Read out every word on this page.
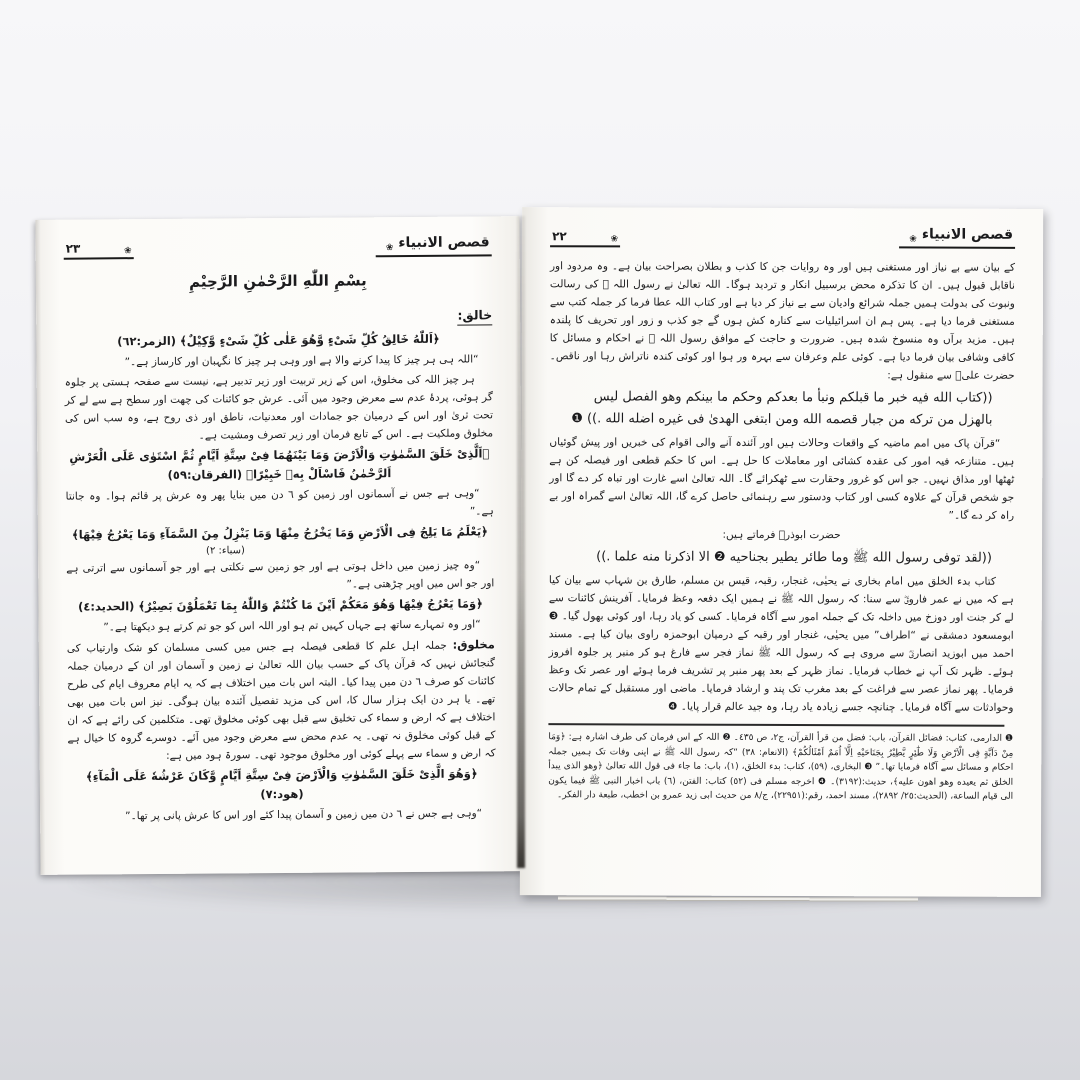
قصص الانبیاء
❀
۲۳	❀
بِسْمِ اللّٰهِ الرَّحْمٰنِ الرَّحِیْمِ
خالق:
﴿اَللّٰهُ خَالِقُ کُلِّ شَیْءٍ وَّهُوَ عَلٰی کُلِّ شَیْءٍ وَّکِیْلٌ﴾ (الزمر:٦٢)
“اللہ ہی ہر چیز کا پیدا کرنے والا ہے اور وہی ہر چیز کا نگہبان اور کارساز ہے۔”
ہر چیز اللہ کی مخلوق، اس کے زیر تربیت اور زیر تدبیر ہے، نیست سے صفحہ ہستی پر جلوہ گر ہوئی، پردۂ عدم سے معرض وجود میں آئی۔ عرش جو کائنات کی چھت اور سطح ہے سے لے کر تحت ثریٰ اور اس کے درمیان جو جمادات اور معدنیات، ناطق اور ذی روح ہے، وہ سب اس کی مخلوق وملکیت ہے۔ اس کے تابع فرمان اور زیر تصرف ومشیت ہے۔
﴿اَلَّذِیْ خَلَقَ السَّمٰوٰتِ وَالْاَرْضَ وَمَا بَیْنَهُمَا فِیْ سِتَّةِ اَیَّامٍ ثُمَّ اسْتَوٰی عَلَی الْعَرْشِ اَلرَّحْمٰنُ فَاسْاَلْ بِهٖ خَبِیْرًا﴾ (الفرقان:٥٩)
“وہی ہے جس نے آسمانوں اور زمین کو ٦ دن میں بنایا پھر وہ عرش پر قائم ہوا۔ وہ جانتا ہے۔”
﴿یَعْلَمُ مَا یَلِجُ فِی الْاَرْضِ وَمَا یَخْرُجُ مِنْهَا وَمَا یَنْزِلُ مِنَ السَّمَآءِ وَمَا یَعْرُجُ فِیْهَا﴾
(سباء: ٢)
“وہ چیز زمین میں داخل ہوتی ہے اور جو زمین سے نکلتی ہے اور جو آسمانوں سے اترتی ہے اور جو اس میں اوپر چڑھتی ہے۔”
﴿وَمَا یَعْرُجُ فِیْهَا وَهُوَ مَعَکُمْ اَیْنَ مَا کُنْتُمْ وَاللّٰهُ بِمَا تَعْمَلُوْنَ بَصِیْرٌ﴾ (الحدید:٤)
“اور وہ تمہارے ساتھ ہے جہاں کہیں تم ہو اور اللہ اس کو جو تم کرتے ہو دیکھتا ہے۔”
مخلوق: جملہ اہل علم کا قطعی فیصلہ ہے جس میں کسی مسلمان کو شک وارتیاب کی گنجائش نہیں کہ قرآن پاک کے حسب بیان اللہ تعالیٰ نے زمین و آسمان اور ان کے درمیان جملہ کائنات کو صرف ٦ دن میں پیدا کیا۔ البتہ اس بات میں اختلاف ہے کہ یہ ایام معروف ایام کی طرح تھے۔ یا ہر دن ایک ہزار سال کا، اس کی مزید تفصیل آئندہ بیان ہوگی۔ نیز اس بات میں بھی اختلاف ہے کہ ارض و سماء کی تخلیق سے قبل بھی کوئی مخلوق تھی۔ متکلمین کی رائے ہے کہ ان کے قبل کوئی مخلوق نہ تھی۔ یہ عدم محض سے معرض وجود میں آئے۔ دوسرے گروہ کا خیال ہے کہ ارض و سماء سے پہلے کوئی اور مخلوق موجود تھی۔ سورۃ ہود میں ہے:
﴿وَهُوَ الَّذِیْ خَلَقَ السَّمٰوٰتِ وَالْاَرْضَ فِیْ سِتَّةِ اَیَّامٍ وَّکَانَ عَرْشُهٗ عَلَی الْمَآءِ﴾ (هود:٧)
“وہی ہے جس نے ٦ دن میں زمین و آسمان پیدا کئے اور اس کا عرش پانی پر تھا۔”
قصص الانبیاء
❀
۲۲	❀
کے بیان سے بے نیاز اور مستغنی ہیں اور وہ روایات جن کا کذب و بطلان بصراحت بیان ہے۔ وہ مردود اور ناقابل قبول ہیں۔ ان کا تذکرہ محض برسبیل انکار و تردید ہوگا۔ اللہ تعالیٰ نے رسول اللہ ﷺ کی رسالت ونبوت کی بدولت ہمیں جملہ شرائع وادیان سے بے نیاز کر دیا ہے اور کتاب اللہ عطا فرما کر جملہ کتب سے مستغنی فرما دیا ہے۔ پس ہم ان اسرائیلیات سے کنارہ کش ہوں گے جو کذب و زور اور تحریف کا پلندہ ہیں۔ مزید برآں وہ منسوخ شدہ ہیں۔ ضرورت و حاجت کے موافق رسول اللہ ﷺ نے احکام و مسائل کا کافی وشافی بیان فرما دیا ہے۔ کوئی علم وعرفان سے بہرہ ور ہوا اور کوئی کندہ ناتراش رہا اور ناقص۔ حضرت علیؓ سے منقول ہے:
((کتاب الله فیه خبر ما قبلکم ونبأ ما بعدکم وحکم ما بینکم وهو الفصل لیس بالهزل من ترکه من جبار قصمه الله ومن ابتغی الهدیٰ فی غیره اضله الله .)) ❶
“قرآن پاک میں امم ماضیہ کے واقعات وحالات ہیں اور آئندہ آنے والی اقوام کی خبریں اور پیش گوئیاں ہیں۔ متنازعہ فیہ امور کی عقدہ کشائی اور معاملات کا حل ہے۔ اس کا حکم قطعی اور فیصلہ کن ہے ٹھٹھا اور مذاق نہیں۔ جو اس کو غرور وحقارت سے ٹھکرائے گا۔ اللہ تعالیٰ اسے غارت اور تباہ کر دے گا اور جو شخص قرآن کے علاوہ کسی اور کتاب ودستور سے رہنمائی حاصل کرے گا، اللہ تعالیٰ اسے گمراہ اور بے راہ کر دے گا۔”
حضرت ابوذرؓ فرماتے ہیں:
((لقد توفی رسول الله ﷺ وما طائر یطیر بجناحیه ❷ الا اذکرنا منه علما .))
کتاب بدء الخلق میں امام بخاری نے یحیٰی، غنجار، رقبہ، قیس بن مسلم، طارق بن شہاب سے بیان کیا ہے کہ میں نے عمر فاروقؓ سے سنا: کہ رسول اللہ ﷺ نے ہمیں ایک دفعہ وعظ فرمایا۔ آفرینش کائنات سے لے کر جنت اور دوزخ میں داخلہ تک کے جملہ امور سے آگاہ فرمایا۔ کسی کو یاد رہا، اور کوئی بھول گیا۔ ❸ ابومسعود دمشقی نے “اطراف” میں یحیٰی، غنجار اور رقبہ کے درمیان ابوحمزہ راوی بیان کیا ہے۔ مسند احمد میں ابوزید انصاریؓ سے مروی ہے کہ رسول اللہ ﷺ نماز فجر سے فارغ ہو کر منبر پر جلوہ افروز ہوئے۔ ظہر تک آپ نے خطاب فرمایا۔ نماز ظہر کے بعد پھر منبر پر تشریف فرما ہوئے اور عصر تک وعظ فرمایا۔ پھر نماز عصر سے فراغت کے بعد مغرب تک پند و ارشاد فرمایا۔ ماضی اور مستقبل کے تمام حالات وحوادثات سے آگاہ فرمایا۔ چنانچہ جسے زیادہ یاد رہا، وہ جید عالم قرار پایا۔ ❹
❶ الدارمی، کتاب: فضائل القرآن، باب: فضل من قرأ القرآن، ج۲، ص ٤٣٥۔ ❷ اللہ کے اس فرمان کی طرف اشارہ ہے: ﴿وَمَا مِنْ دَآبَّةٍ فِی الْاَرْضِ وَلَا طٰٓئِرٍ یَّطِیْرُ بِجَنَاحَیْهِ اِلَّآ اُمَمٌ اَمْثَالُکُمْ﴾ (الانعام: ٣٨) “کہ رسول اللہ ﷺ نے اپنی وفات تک ہمیں جملہ احکام و مسائل سے آگاہ فرمایا تھا۔” ❸ البخاری، (٥٩)، کتاب: بدء الخلق، (١)، باب: ما جاء فی قول الله تعالیٰ ﴿وهو الذی یبدأ الخلق ثم یعیده وهو اهون علیه﴾، حدیث:(٣١٩٢)۔ ❹ اخرجه مسلم فی (٥٢) کتاب: الفتن، (٦) باب اخبار النبی ﷺ فیما یکون الی قیام الساعة، (الحدیث:٢٥/ ٢٨٩٢)، مسند احمد، رقم:(٢٢٩٥١)، ج/٨ من حدیث ابی زید عمرو بن اخطب، طبعة دار الفکر۔
